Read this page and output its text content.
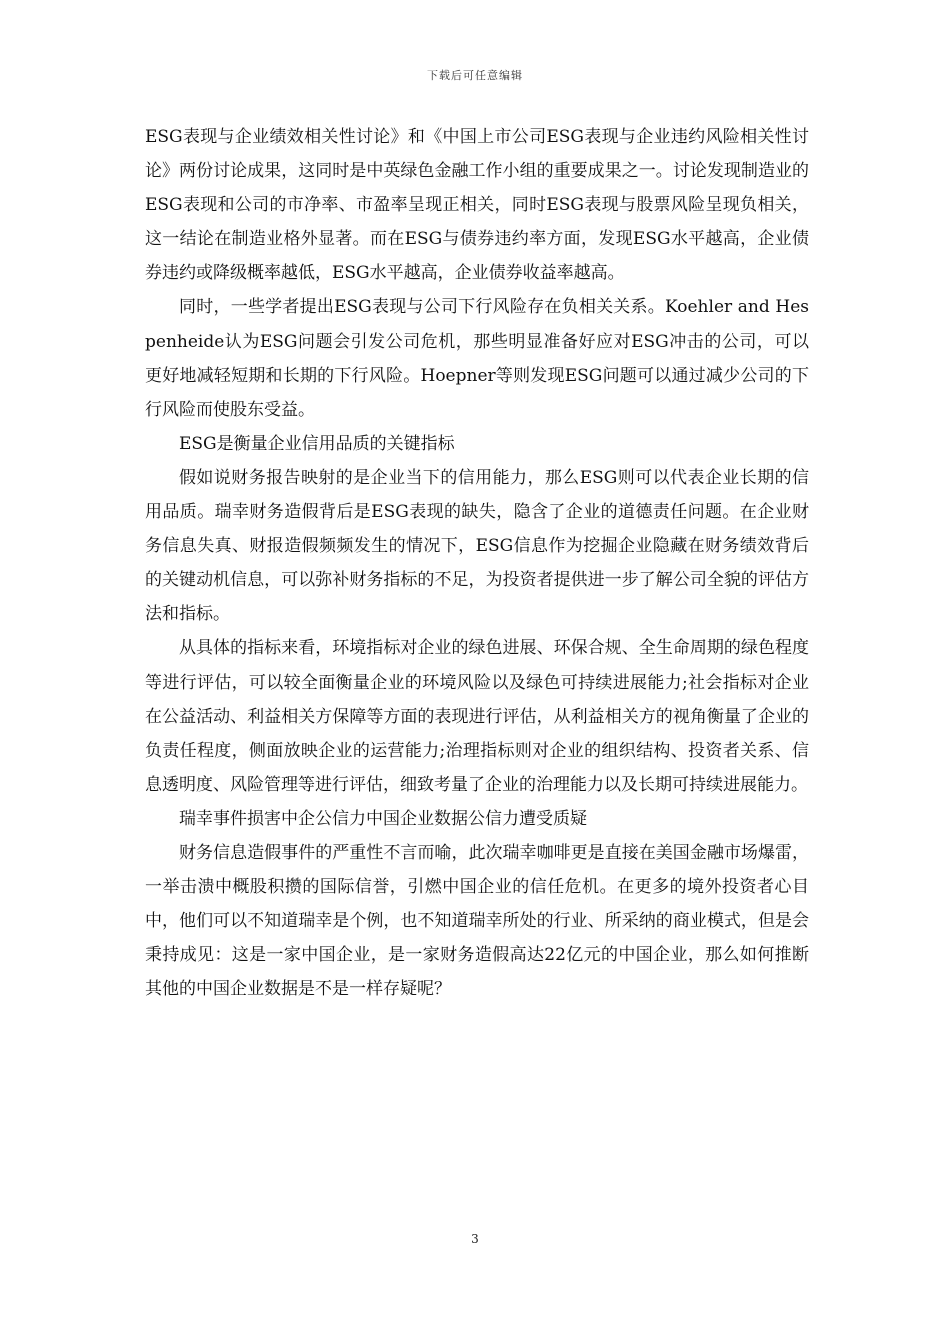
下载后可任意编辑

ESG表现与企业绩效相关性讨论》和《中国上市公司ESG表现与企业违约风险相关性讨论》两份讨论成果，这同时是中英绿色金融工作小组的重要成果之一。讨论发现制造业的ESG表现和公司的市净率、市盈率呈现正相关，同时ESG表现与股票风险呈现负相关，这一结论在制造业格外显著。而在ESG与债券违约率方面，发现ESG水平越高，企业债券违约或降级概率越低，ESG水平越高，企业债券收益率越高。

同时，一些学者提出ESG表现与公司下行风险存在负相关关系。Koehler and Hespenheide认为ESG问题会引发公司危机，那些明显准备好应对ESG冲击的公司，可以更好地减轻短期和长期的下行风险。Hoepner等则发现ESG问题可以通过减少公司的下行风险而使股东受益。

ESG是衡量企业信用品质的关键指标

假如说财务报告映射的是企业当下的信用能力，那么ESG则可以代表企业长期的信用品质。瑞幸财务造假背后是ESG表现的缺失，隐含了企业的道德责任问题。在企业财务信息失真、财报造假频频发生的情况下，ESG信息作为挖掘企业隐藏在财务绩效背后的关键动机信息，可以弥补财务指标的不足，为投资者提供进一步了解公司全貌的评估方法和指标。

从具体的指标来看，环境指标对企业的绿色进展、环保合规、全生命周期的绿色程度等进行评估，可以较全面衡量企业的环境风险以及绿色可持续进展能力;社会指标对企业在公益活动、利益相关方保障等方面的表现进行评估，从利益相关方的视角衡量了企业的负责任程度，侧面放映企业的运营能力;治理指标则对企业的组织结构、投资者关系、信息透明度、风险管理等进行评估，细致考量了企业的治理能力以及长期可持续进展能力。

瑞幸事件损害中企公信力中国企业数据公信力遭受质疑

财务信息造假事件的严重性不言而喻，此次瑞幸咖啡更是直接在美国金融市场爆雷，一举击溃中概股积攒的国际信誉，引燃中国企业的信任危机。在更多的境外投资者心目中，他们可以不知道瑞幸是个例，也不知道瑞幸所处的行业、所采纳的商业模式，但是会秉持成见：这是一家中国企业，是一家财务造假高达22亿元的中国企业，那么如何推断其他的中国企业数据是不是一样存疑呢？

3
